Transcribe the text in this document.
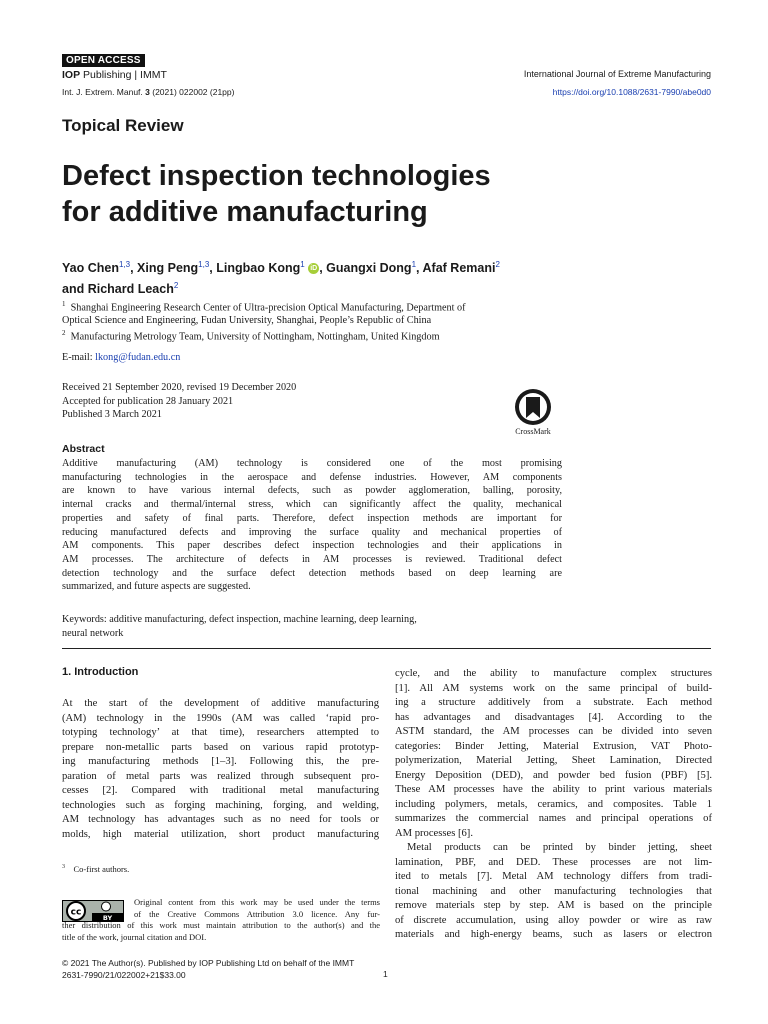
OPEN ACCESS
IOP Publishing | IMMT	International Journal of Extreme Manufacturing
Int. J. Extrem. Manuf. 3 (2021) 022002 (21pp)	https://doi.org/10.1088/2631-7990/abe0d0
Topical Review
Defect inspection technologies
for additive manufacturing
Yao Chen$^{1,3}$, Xing Peng$^{1,3}$, Lingbao Kong$^1$ iD , Guangxi Dong$^1$, Afaf Remani$^2$
and Richard Leach$^2$
$^1$ Shanghai Engineering Research Center of Ultra-precision Optical Manufacturing, Department of
Optical Science and Engineering, Fudan University, Shanghai, People’s Republic of China
$^2$ Manufacturing Metrology Team, University of Nottingham, Nottingham, United Kingdom
E-mail: lkong@fudan.edu.cn
Received 21 September 2020, revised 19 December 2020
Accepted for publication 28 January 2021
Published 3 March 2021
CrossMark
Abstract
Additive manufacturing (AM) technology is considered one of the most promising
manufacturing technologies in the aerospace and defense industries. However, AM components
are known to have various internal defects, such as powder agglomeration, balling, porosity,
internal cracks and thermal/internal stress, which can significantly affect the quality, mechanical
properties and safety of final parts. Therefore, defect inspection methods are important for
reducing manufactured defects and improving the surface quality and mechanical properties of
AM components. This paper describes defect inspection technologies and their applications in
AM processes. The architecture of defects in AM processes is reviewed. Traditional defect
detection technology and the surface defect detection methods based on deep learning are
summarized, and future aspects are suggested.
Keywords: additive manufacturing, defect inspection, machine learning, deep learning,
neural network
1. Introduction
At the start of the development of additive manufacturing
(AM) technology in the 1990s (AM was called ‘rapid pro-
totyping technology’ at that time), researchers attempted to
prepare non-metallic parts based on various rapid prototyp-
ing manufacturing methods [1–3]. Following this, the pre-
paration of metal parts was realized through subsequent pro-
cesses [2]. Compared with traditional metal manufacturing
technologies such as forging machining, forging, and welding,
AM technology has advantages such as no need for tools or
molds, high material utilization, short product manufacturing
cycle, and the ability to manufacture complex structures
[1]. All AM systems work on the same principal of build-
ing a structure additively from a substrate. Each method
has advantages and disadvantages [4]. According to the
ASTM standard, the AM processes can be divided into seven
categories: Binder Jetting, Material Extrusion, VAT Photo-
polymerization, Material Jetting, Sheet Lamination, Directed
Energy Deposition (DED), and powder bed fusion (PBF) [5].
These AM processes have the ability to print various materials
including polymers, metals, ceramics, and composites. Table 1
summarizes the commercial names and principal operations of
AM processes [6].
Metal products can be printed by binder jetting, sheet
lamination, PBF, and DED. These processes are not lim-
ited to metals [7]. Metal AM technology differs from tradi-
tional machining and other manufacturing technologies that
remove materials step by step. AM is based on the principle
of discrete accumulation, using alloy powder or wire as raw
materials and high-energy beams, such as lasers or electron
$^3$ Co-first authors.
cc
BY
Original content from this work may be used under the terms
of the Creative Commons Attribution 3.0 licence. Any fur-
ther distribution of this work must maintain attribution to the author(s) and the
title of the work, journal citation and DOI.
© 2021 The Author(s). Published by IOP Publishing Ltd on behalf of the IMMT
2631-7990/21/022002+21$33.00	1
